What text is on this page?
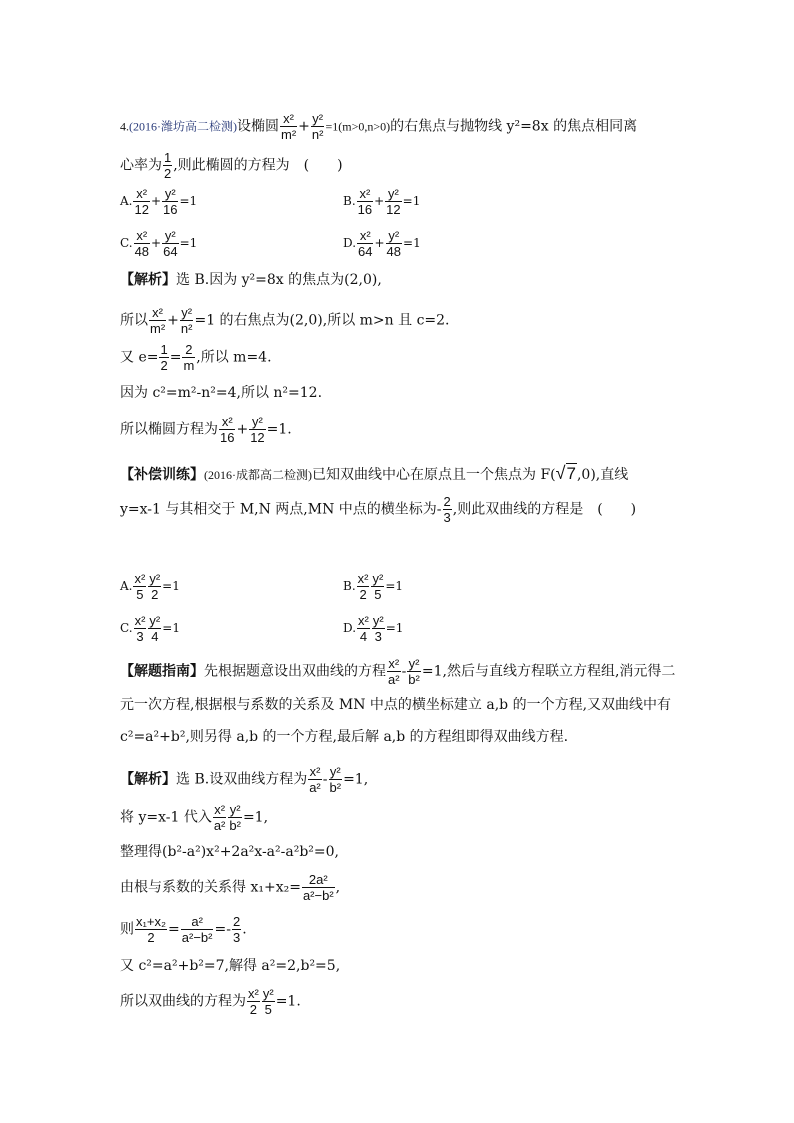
4.(2016·潍坊高二检测)设椭圆 $\frac{\text{x²}}{\text{m²}} + \frac{\text{y²}}{\text{n²}} =1(m>0,n>0)$的右焦点与抛物线 y²=8x 的焦点相同离
心率为 $\frac{1}{2}$ ,则此椭圆的方程为　(　　)
A. $\frac{\text{x²}}{12} + \frac{\text{y²}}{16} =1$	B. $\frac{\text{x²}}{16} + \frac{\text{y²}}{12} =1$
C. $\frac{\text{x²}}{48} + \frac{\text{y²}}{64} =1$	D. $\frac{\text{x²}}{64} + \frac{\text{y²}}{48} =1$
【解析】选 B.因为 y²=8x 的焦点为(2,0),
所以 $\frac{\text{x²}}{\text{m²}} + \frac{\text{y²}}{\text{n²}} =1$ 的右焦点为(2,0),所以 m>n 且 c=2.
又 $e= \frac{1}{2} = \frac{2}{m}$ ,所以 m=4.
因为 c²=m²-n²=4,所以 n²=12.
所以椭圆方程为 $\frac{\text{x²}}{16} + \frac{\text{y²}}{12} =1$.
【补偿训练】(2016·成都高二检测)已知双曲线中心在原点且一个焦点为 F(√7,0),直线
y=x-1 与其相交于 M,N 两点,MN 中点的横坐标为- $\frac{2}{3}$ ,则此双曲线的方程是　(　　)
A. $\frac{\text{x²}}{5} \frac{\text{y²}}{2} =1$	B. $\frac{\text{x²}}{2} \frac{\text{y²}}{5} =1$
C. $\frac{\text{x²}}{3} \frac{\text{y²}}{4} =1$	D. $\frac{\text{x²}}{4} \frac{\text{y²}}{3} =1$
【解题指南】先根据题意设出双曲线的方程 $\frac{\text{x²}}{\text{a²}} - \frac{\text{y²}}{\text{b²}} =1$,然后与直线方程联立方程组,消元得二
元一次方程,根据根与系数的关系及 MN 中点的横坐标建立 a,b 的一个方程,又双曲线中有
c²=a²+b²,则另得 a,b 的一个方程,最后解 a,b 的方程组即得双曲线方程.
【解析】选 B.设双曲线方程为 $\frac{\text{x²}}{\text{a²}} - \frac{\text{y²}}{\text{b²}} =1$,
将 y=x-1 代入 $\frac{\text{x²}}{\text{a²}} \frac{\text{y²}}{\text{b²}} =1$,
整理得(b²-a²)x²+2a²x-a²-a²b²=0,
由根与系数的关系得 $x_1+x_2= \frac{\text{2a²}}{\text{a²−b²}}$ ,
则 $\frac{\text{x₁+x₂}}{2} = \frac{\text{a²}}{\text{a²−b²}} =- \frac{2}{3}$ .
又 c²=a²+b²=7,解得 a²=2,b²=5,
所以双曲线的方程为 $\frac{\text{x²}}{2} \frac{\text{y²}}{5} =1$.
